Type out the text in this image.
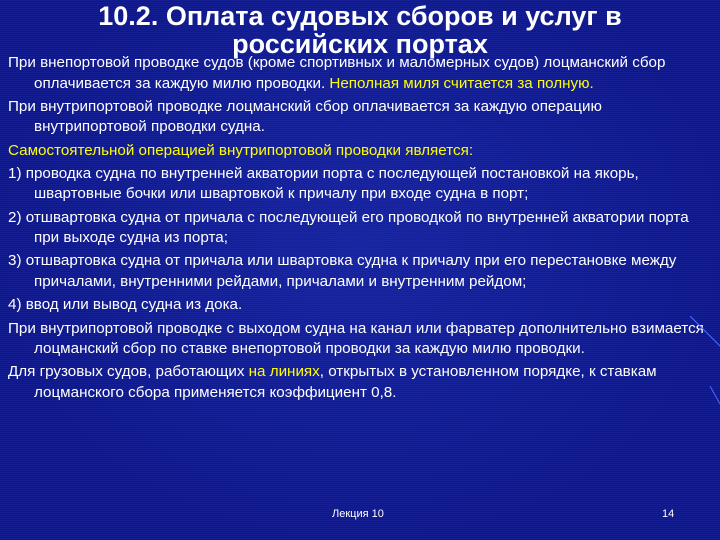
10.2. Оплата судовых сборов и услуг в
российских портах

При внепортовой проводке судов (кроме спортивных и маломерных судов) лоцманский сбор оплачивается за каждую милю проводки. Неполная миля считается за полную.

При внутрипортовой проводке лоцманский сбор оплачивается за каждую операцию внутрипортовой проводки судна.

Самостоятельной операцией внутрипортовой проводки является:

1) проводка судна по внутренней акватории порта с последующей постановкой на якорь, швартовные бочки или швартовкой к причалу при входе судна в порт;

2) отшвартовка судна от причала с последующей его проводкой по внутренней акватории порта при выходе судна из порта;

3) отшвартовка судна от причала или швартовка судна к причалу при его перестановке между причалами, внутренними рейдами, причалами и внутренним рейдом;

4) ввод или вывод судна из дока.

При внутрипортовой проводке с выходом судна на канал или фарватер дополнительно взимается лоцманский сбор по ставке внепортовой проводки за каждую милю проводки.

Для грузовых судов, работающих на линиях, открытых в установленном порядке, к ставкам лоцманского сбора применяется коэффициент 0,8.

Лекция 10	14
